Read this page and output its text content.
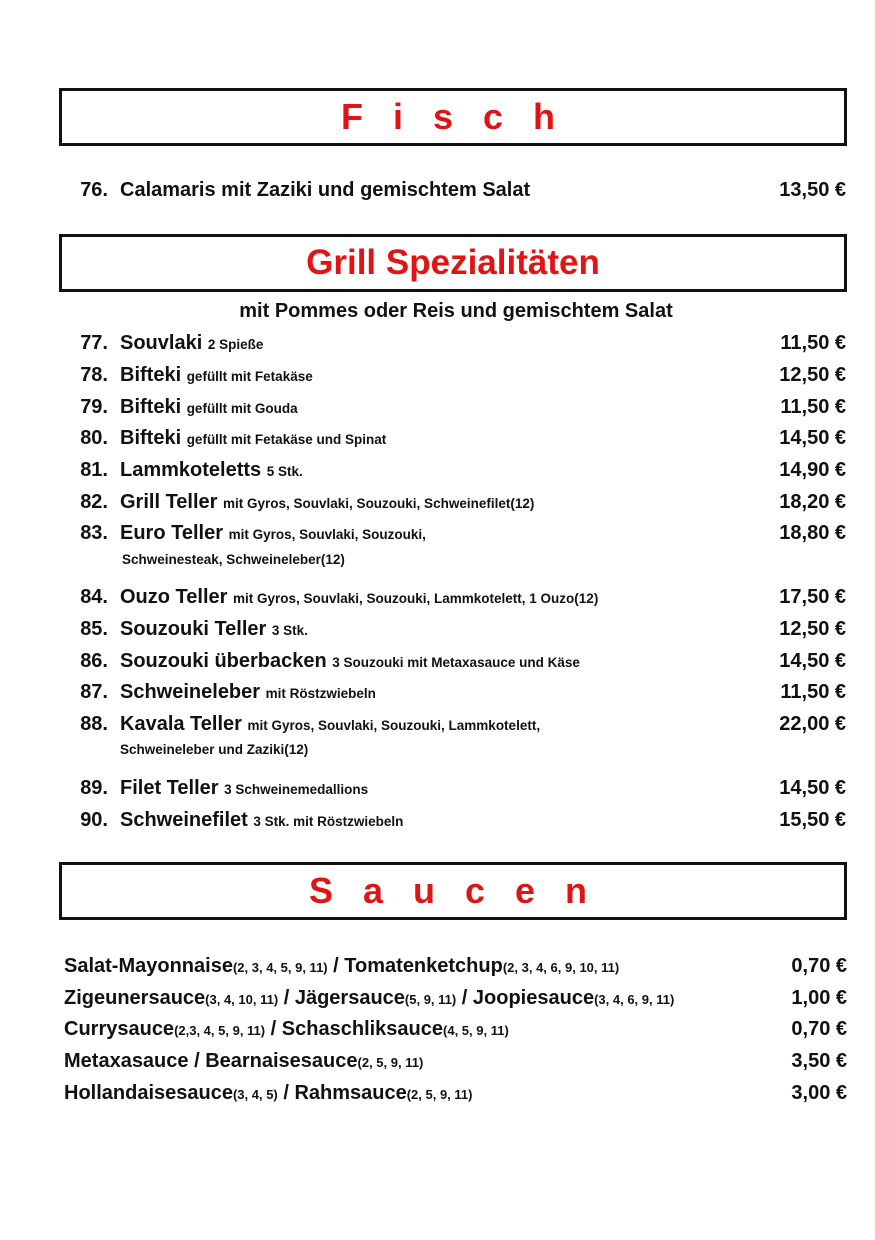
F i s c h
76. Calamaris mit Zaziki und gemischtem Salat	13,50 €
Grill Spezialitäten
mit Pommes oder Reis und gemischtem Salat
77. Souvlaki 2 Spieße	11,50 €
78. Bifteki gefüllt mit Fetakäse	12,50 €
79. Bifteki gefüllt mit Gouda	11,50 €
80. Bifteki gefüllt mit Fetakäse und Spinat	14,50 €
81. Lammkoteletts 5 Stk.	14,90 €
82. Grill Teller mit Gyros, Souvlaki, Souzouki, Schweinefilet(12)	18,20 €
83. Euro Teller mit Gyros, Souvlaki, Souzouki,	18,80 €
Schweinesteak, Schweineleber(12)
84. Ouzo Teller mit Gyros, Souvlaki, Souzouki, Lammkotelett, 1 Ouzo(12)	17,50 €
85. Souzouki Teller 3 Stk.	12,50 €
86. Souzouki überbacken 3 Souzouki mit Metaxasauce und Käse	14,50 €
87. Schweineleber mit Röstzwiebeln	11,50 €
88. Kavala Teller mit Gyros, Souvlaki, Souzouki, Lammkotelett,	22,00 €
Schweineleber und Zaziki(12)
89. Filet Teller 3 Schweinemedallions	14,50 €
90. Schweinefilet 3 Stk. mit Röstzwiebeln	15,50 €
S a u c e n
Salat-Mayonnaise(2, 3, 4, 5, 9, 11) / Tomatenketchup(2, 3, 4, 6, 9, 10, 11)	0,70 €
Zigeunersauce(3, 4, 10, 11) / Jägersauce(5, 9, 11) / Joopiesauce(3, 4, 6, 9, 11)	1,00 €
Currysauce(2,3, 4, 5, 9, 11) / Schaschliksauce(4, 5, 9, 11)	0,70 €
Metaxasauce / Bearnaisesauce(2, 5, 9, 11)	3,50 €
Hollandaisesauce(3, 4, 5) / Rahmsauce(2, 5, 9, 11)	3,00 €
